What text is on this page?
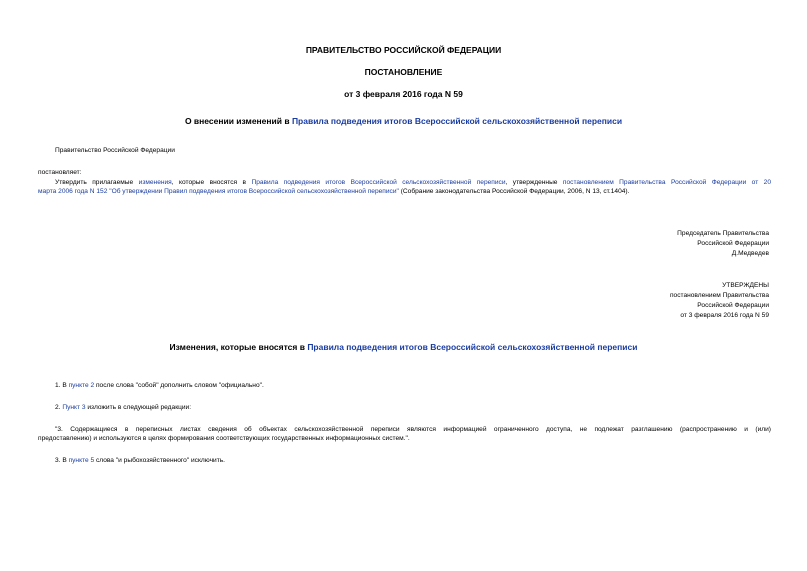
ПРАВИТЕЛЬСТВО РОССИЙСКОЙ ФЕДЕРАЦИИ
ПОСТАНОВЛЕНИЕ
от 3 февраля 2016 года N 59
О внесении изменений в Правила подведения итогов Всероссийской сельскохозяйственной переписи
Правительство Российской Федерации
постановляет:
Утвердить прилагаемые изменения, которые вносятся в Правила подведения итогов Всероссийской сельскохозяйственной переписи, утвержденные постановлением Правительства Российской Федерации от 20
марта 2006 года N 152 "Об утверждении Правил подведения итогов Всероссийской сельскохозяйственной переписи" (Собрание законодательства Российской Федерации, 2006, N 13, ст.1404).
Председатель Правительства
Российской Федерации
Д.Медведев
УТВЕРЖДЕНЫ
постановлением Правительства
Российской Федерации
от 3 февраля 2016 года N 59
Изменения, которые вносятся в Правила подведения итогов Всероссийской сельскохозяйственной переписи
1. В пункте 2 после слова "собой" дополнить словом "официально".
2. Пункт 3 изложить в следующей редакции:
"3. Содержащиеся в переписных листах сведения об объектах сельскохозяйственной переписи являются информацией ограниченного доступа, не подлежат разглашению (распространению и (или)
предоставлению) и используются в целях формирования соответствующих государственных информационных систем.".
3. В пункте 5 слова "и рыбохозяйственного" исключить.
